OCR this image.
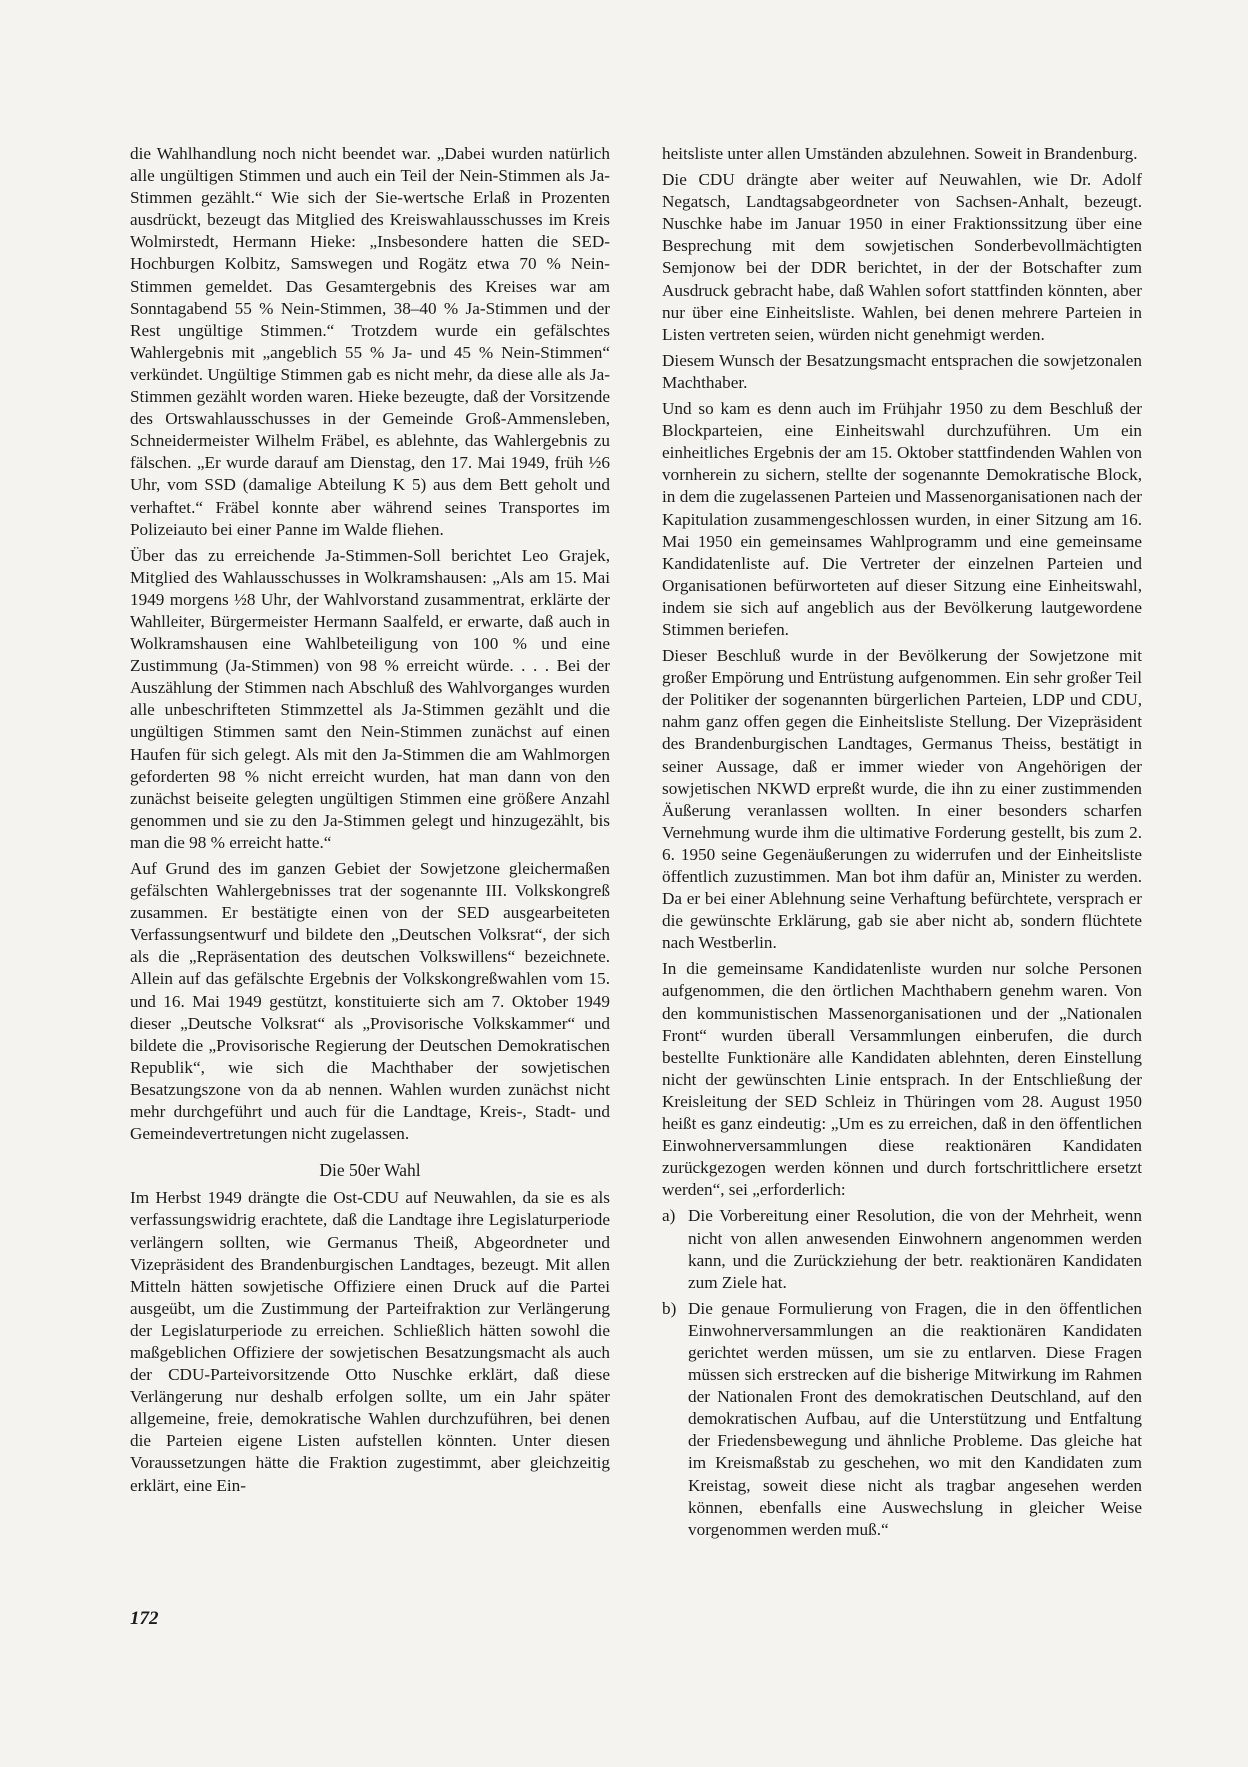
die Wahlhandlung noch nicht beendet war. „Dabei wurden natürlich alle ungültigen Stimmen und auch ein Teil der Nein-Stimmen als Ja-Stimmen gezählt.“ Wie sich der Sie-wertsche Erlaß in Prozenten ausdrückt, bezeugt das Mitglied des Kreiswahlausschusses im Kreis Wolmirstedt, Hermann Hieke: „Insbesondere hatten die SED-Hochburgen Kolbitz, Samswegen und Rogätz etwa 70 % Nein-Stimmen gemeldet. Das Gesamtergebnis des Kreises war am Sonntagabend 55 % Nein-Stimmen, 38–40 % Ja-Stimmen und der Rest ungültige Stimmen.“ Trotzdem wurde ein gefälschtes Wahlergebnis mit „angeblich 55 % Ja- und 45 % Nein-Stimmen“ verkündet. Ungültige Stimmen gab es nicht mehr, da diese alle als Ja-Stimmen gezählt worden waren. Hieke bezeugte, daß der Vorsitzende des Ortswahlausschusses in der Gemeinde Groß-Ammensleben, Schneidermeister Wilhelm Fräbel, es ablehnte, das Wahlergebnis zu fälschen. „Er wurde darauf am Dienstag, den 17. Mai 1949, früh ½6 Uhr, vom SSD (damalige Abteilung K 5) aus dem Bett geholt und verhaftet.“ Fräbel konnte aber während seines Transportes im Polizeiauto bei einer Panne im Walde fliehen.

Über das zu erreichende Ja-Stimmen-Soll berichtet Leo Grajek, Mitglied des Wahlausschusses in Wolkramshausen: „Als am 15. Mai 1949 morgens ½8 Uhr, der Wahlvorstand zusammentrat, erklärte der Wahlleiter, Bürgermeister Hermann Saalfeld, er erwarte, daß auch in Wolkramshausen eine Wahlbeteiligung von 100 % und eine Zustimmung (Ja-Stimmen) von 98 % erreicht würde. . . . Bei der Auszählung der Stimmen nach Abschluß des Wahlvorganges wurden alle unbeschrifteten Stimmzettel als Ja-Stimmen gezählt und die ungültigen Stimmen samt den Nein-Stimmen zunächst auf einen Haufen für sich gelegt. Als mit den Ja-Stimmen die am Wahlmorgen geforderten 98 % nicht erreicht wurden, hat man dann von den zunächst beiseite gelegten ungültigen Stimmen eine größere Anzahl genommen und sie zu den Ja-Stimmen gelegt und hinzugezählt, bis man die 98 % erreicht hatte.“

Auf Grund des im ganzen Gebiet der Sowjetzone gleichermaßen gefälschten Wahlergebnisses trat der sogenannte III. Volkskongreß zusammen. Er bestätigte einen von der SED ausgearbeiteten Verfassungsentwurf und bildete den „Deutschen Volksrat“, der sich als die „Repräsentation des deutschen Volkswillens“ bezeichnete. Allein auf das gefälschte Ergebnis der Volkskongreßwahlen vom 15. und 16. Mai 1949 gestützt, konstituierte sich am 7. Oktober 1949 dieser „Deutsche Volksrat“ als „Provisorische Volkskammer“ und bildete die „Provisorische Regierung der Deutschen Demokratischen Republik“, wie sich die Machthaber der sowjetischen Besatzungszone von da ab nennen. Wahlen wurden zunächst nicht mehr durchgeführt und auch für die Landtage, Kreis-, Stadt- und Gemeindevertretungen nicht zugelassen.

Die 50er Wahl

Im Herbst 1949 drängte die Ost-CDU auf Neuwahlen, da sie es als verfassungswidrig erachtete, daß die Landtage ihre Legislaturperiode verlängern sollten, wie Germanus Theiß, Abgeordneter und Vizepräsident des Brandenburgischen Landtages, bezeugt. Mit allen Mitteln hätten sowjetische Offiziere einen Druck auf die Partei ausgeübt, um die Zustimmung der Parteifraktion zur Verlängerung der Legislaturperiode zu erreichen. Schließlich hätten sowohl die maßgeblichen Offiziere der sowjetischen Besatzungsmacht als auch der CDU-Parteivorsitzende Otto Nuschke erklärt, daß diese Verlängerung nur deshalb erfolgen sollte, um ein Jahr später allgemeine, freie, demokratische Wahlen durchzuführen, bei denen die Parteien eigene Listen aufstellen könnten. Unter diesen Voraussetzungen hätte die Fraktion zugestimmt, aber gleichzeitig erklärt, eine Ein-

heitsliste unter allen Umständen abzulehnen. Soweit in Brandenburg.

Die CDU drängte aber weiter auf Neuwahlen, wie Dr. Adolf Negatsch, Landtagsabgeordneter von Sachsen-Anhalt, bezeugt. Nuschke habe im Januar 1950 in einer Fraktionssitzung über eine Besprechung mit dem sowjetischen Sonderbevollmächtigten Semjonow bei der DDR berichtet, in der der Botschafter zum Ausdruck gebracht habe, daß Wahlen sofort stattfinden könnten, aber nur über eine Einheitsliste. Wahlen, bei denen mehrere Parteien in Listen vertreten seien, würden nicht genehmigt werden.

Diesem Wunsch der Besatzungsmacht entsprachen die sowjetzonalen Machthaber.

Und so kam es denn auch im Frühjahr 1950 zu dem Beschluß der Blockparteien, eine Einheitswahl durchzuführen. Um ein einheitliches Ergebnis der am 15. Oktober stattfindenden Wahlen von vornherein zu sichern, stellte der sogenannte Demokratische Block, in dem die zugelassenen Parteien und Massenorganisationen nach der Kapitulation zusammengeschlossen wurden, in einer Sitzung am 16. Mai 1950 ein gemeinsames Wahlprogramm und eine gemeinsame Kandidatenliste auf. Die Vertreter der einzelnen Parteien und Organisationen befürworteten auf dieser Sitzung eine Einheitswahl, indem sie sich auf angeblich aus der Bevölkerung lautgewordene Stimmen beriefen.

Dieser Beschluß wurde in der Bevölkerung der Sowjetzone mit großer Empörung und Entrüstung aufgenommen. Ein sehr großer Teil der Politiker der sogenannten bürgerlichen Parteien, LDP und CDU, nahm ganz offen gegen die Einheitsliste Stellung. Der Vizepräsident des Brandenburgischen Landtages, Germanus Theiss, bestätigt in seiner Aussage, daß er immer wieder von Angehörigen der sowjetischen NKWD erpreßt wurde, die ihn zu einer zustimmenden Äußerung veranlassen wollten. In einer besonders scharfen Vernehmung wurde ihm die ultimative Forderung gestellt, bis zum 2. 6. 1950 seine Gegenäußerungen zu widerrufen und der Einheitsliste öffentlich zuzustimmen. Man bot ihm dafür an, Minister zu werden. Da er bei einer Ablehnung seine Verhaftung befürchtete, versprach er die gewünschte Erklärung, gab sie aber nicht ab, sondern flüchtete nach Westberlin.

In die gemeinsame Kandidatenliste wurden nur solche Personen aufgenommen, die den örtlichen Machthabern genehm waren. Von den kommunistischen Massenorganisationen und der „Nationalen Front“ wurden überall Versammlungen einberufen, die durch bestellte Funktionäre alle Kandidaten ablehnten, deren Einstellung nicht der gewünschten Linie entsprach. In der Entschließung der Kreisleitung der SED Schleiz in Thüringen vom 28. August 1950 heißt es ganz eindeutig: „Um es zu erreichen, daß in den öffentlichen Einwohnerversammlungen diese reaktionären Kandidaten zurückgezogen werden können und durch fortschrittlichere ersetzt werden“, sei „erforderlich:

a) Die Vorbereitung einer Resolution, die von der Mehrheit, wenn nicht von allen anwesenden Einwohnern angenommen werden kann, und die Zurückziehung der betr. reaktionären Kandidaten zum Ziele hat.
b) Die genaue Formulierung von Fragen, die in den öffentlichen Einwohnerversammlungen an die reaktionären Kandidaten gerichtet werden müssen, um sie zu entlarven. Diese Fragen müssen sich erstrecken auf die bisherige Mitwirkung im Rahmen der Nationalen Front des demokratischen Deutschland, auf den demokratischen Aufbau, auf die Unterstützung und Entfaltung der Friedensbewegung und ähnliche Probleme. Das gleiche hat im Kreismaßstab zu geschehen, wo mit den Kandidaten zum Kreistag, soweit diese nicht als tragbar angesehen werden können, ebenfalls eine Auswechslung in gleicher Weise vorgenommen werden muß.“
172
